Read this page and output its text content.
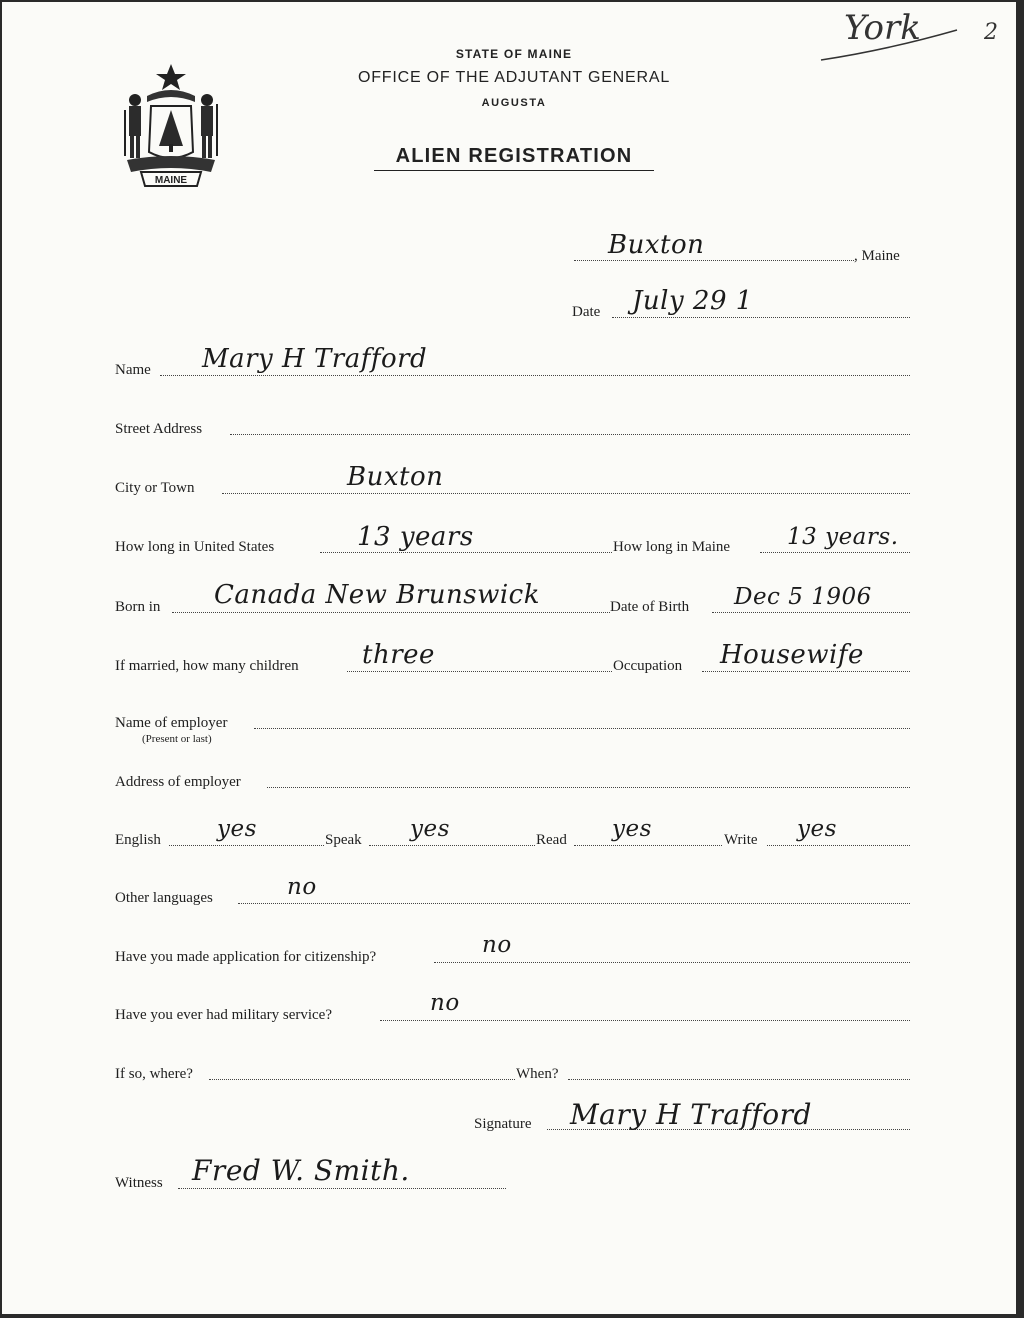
MAINE
STATE OF MAINE
OFFICE OF THE ADJUTANT GENERAL
AUGUSTA
ALIEN REGISTRATION
York	2
Buxton	, Maine
Date July 29 1
Name Mary H Trafford
Street Address
City or Town	Buxton
How long in United States	13 years	How long in Maine 13 years.
Born in Canada New Brunswick	Date of Birth Dec 5 1906
If married, how many children three	Occupation Housewife
Name of employer
(Present or last)
Address of employer
English yes	Speak yes	Read yes	Write yes
Other languages	no
Have you made application for citizenship?	no
Have you ever had military service?	no
If so, where?	When?
Signature Mary H Trafford
Witness Fred W. Smith.
